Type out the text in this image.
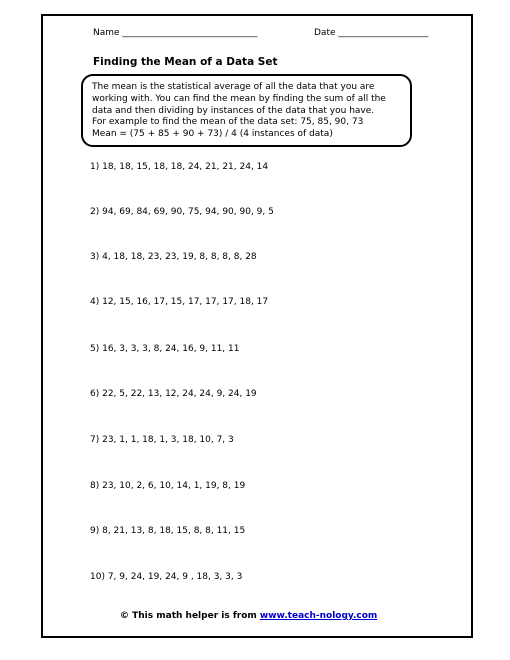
Name ______________________________	Date ____________________
Finding the Mean of a Data Set
The mean is the statistical average of all the data that you are
working with. You can find the mean by finding the sum of all the
data and then dividing by instances of the data that you have.
For example to find the mean of the data set: 75, 85, 90, 73
Mean = (75 + 85 + 90 + 73) / 4 (4 instances of data)
1) 18, 18, 15, 18, 18, 24, 21, 21, 24, 14
2) 94, 69, 84, 69, 90, 75, 94, 90, 90, 9, 5
3) 4, 18, 18, 23, 23, 19, 8, 8, 8, 8, 28
4) 12, 15, 16, 17, 15, 17, 17, 17, 18, 17
5) 16, 3, 3, 3, 8, 24, 16, 9, 11, 11
6) 22, 5, 22, 13, 12, 24, 24, 9, 24, 19
7) 23, 1, 1, 18, 1, 3, 18, 10, 7, 3
8) 23, 10, 2, 6, 10, 14, 1, 19, 8, 19
9) 8, 21, 13, 8, 18, 15, 8, 8, 11, 15
10) 7, 9, 24, 19, 24, 9 , 18, 3, 3, 3
© This math helper is from www.teach-nology.com
